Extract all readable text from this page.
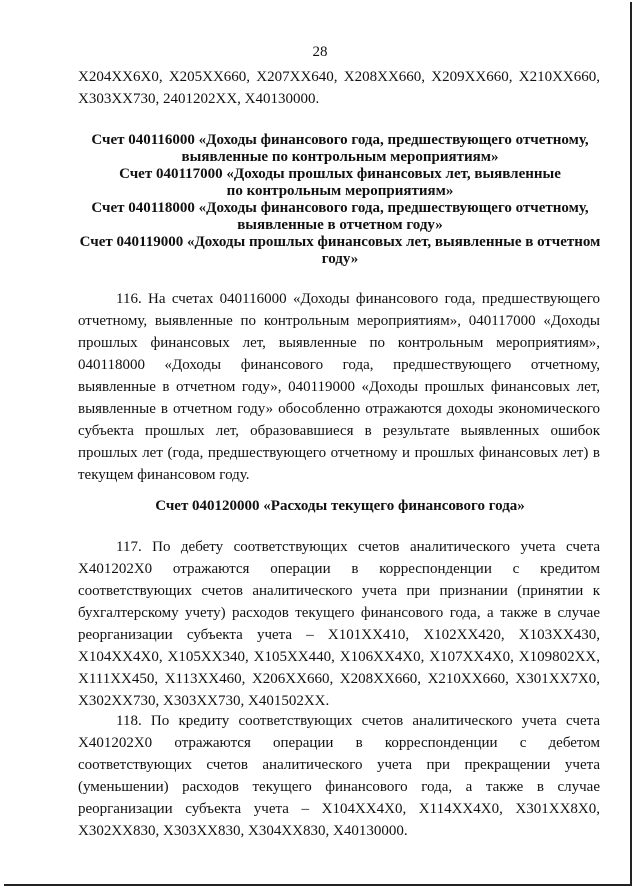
28
X204XX6X0, X205XX660, X207XX640, X208XX660, X209XX660, X210XX660, X303XX730, 2401202XX, X40130000.
Счет 040116000 «Доходы финансового года, предшествующего отчетному,
выявленные по контрольным мероприятиям»
Счет 040117000 «Доходы прошлых финансовых лет, выявленные
по контрольным мероприятиям»
Счет 040118000 «Доходы финансового года, предшествующего отчетному,
выявленные в отчетном году»
Счет 040119000 «Доходы прошлых финансовых лет, выявленные в отчетном
году»
116. На счетах 040116000 «Доходы финансового года, предшествующего отчетному, выявленные по контрольным мероприятиям», 040117000 «Доходы прошлых финансовых лет, выявленные по контрольным мероприятиям», 040118000 «Доходы финансового года, предшествующего отчетному, выявленные в отчетном году», 040119000 «Доходы прошлых финансовых лет, выявленные в отчетном году» обособленно отражаются доходы экономического субъекта прошлых лет, образовавшиеся в результате выявленных ошибок прошлых лет (года, предшествующего отчетному и прошлых финансовых лет) в текущем финансовом году.
Счет 040120000 «Расходы текущего финансового года»
117. По дебету соответствующих счетов аналитического учета счета X401202X0 отражаются операции в корреспонденции с кредитом соответствующих счетов аналитического учета при признании (принятии к бухгалтерскому учету) расходов текущего финансового года, а также в случае реорганизации субъекта учета – X101XX410, X102XX420, X103XX430, X104XX4X0, X105XX340, X105XX440, X106XX4X0, X107XX4X0, X109802XX, X111XX450, X113XX460, X206XX660, X208XX660, X210XX660, X301XX7X0, X302XX730, X303XX730, X401502XX.
118. По кредиту соответствующих счетов аналитического учета счета X401202X0 отражаются операции в корреспонденции с дебетом соответствующих счетов аналитического учета при прекращении учета (уменьшении) расходов текущего финансового года, а также в случае реорганизации субъекта учета – X104XX4X0, X114XX4X0, X301XX8X0, X302XX830, X303XX830, X304XX830, X40130000.
